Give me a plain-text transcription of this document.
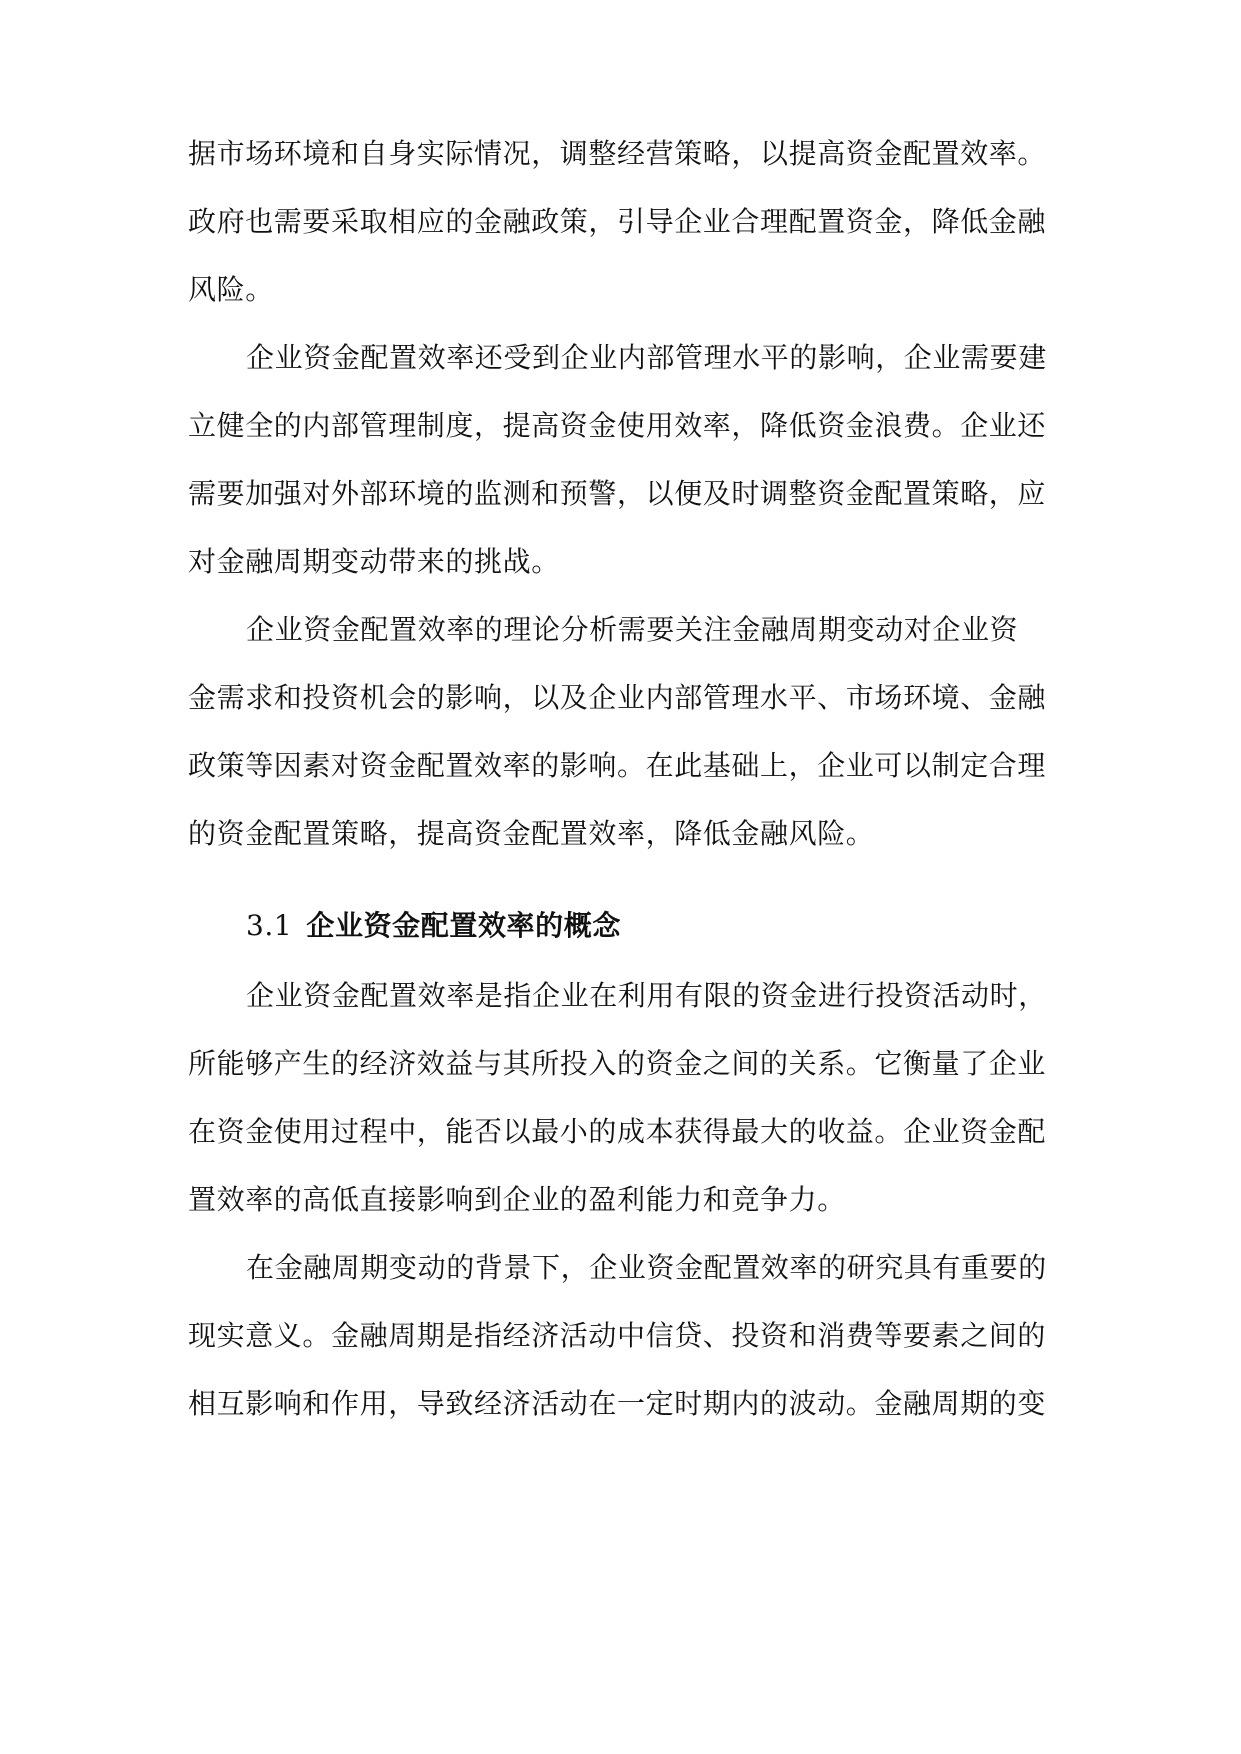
据市场环境和自身实际情况，调整经营策略，以提高资金配置效率。
政府也需要采取相应的金融政策，引导企业合理配置资金，降低金融
风险。
企业资金配置效率还受到企业内部管理水平的影响，企业需要建
立健全的内部管理制度，提高资金使用效率，降低资金浪费。企业还
需要加强对外部环境的监测和预警，以便及时调整资金配置策略，应
对金融周期变动带来的挑战。
企业资金配置效率的理论分析需要关注金融周期变动对企业资
金需求和投资机会的影响，以及企业内部管理水平、市场环境、金融
政策等因素对资金配置效率的影响。在此基础上，企业可以制定合理
的资金配置策略，提高资金配置效率，降低金融风险。
3.1 企业资金配置效率的概念
企业资金配置效率是指企业在利用有限的资金进行投资活动时，
所能够产生的经济效益与其所投入的资金之间的关系。它衡量了企业
在资金使用过程中，能否以最小的成本获得最大的收益。企业资金配
置效率的高低直接影响到企业的盈利能力和竞争力。
在金融周期变动的背景下，企业资金配置效率的研究具有重要的
现实意义。金融周期是指经济活动中信贷、投资和消费等要素之间的
相互影响和作用，导致经济活动在一定时期内的波动。金融周期的变
